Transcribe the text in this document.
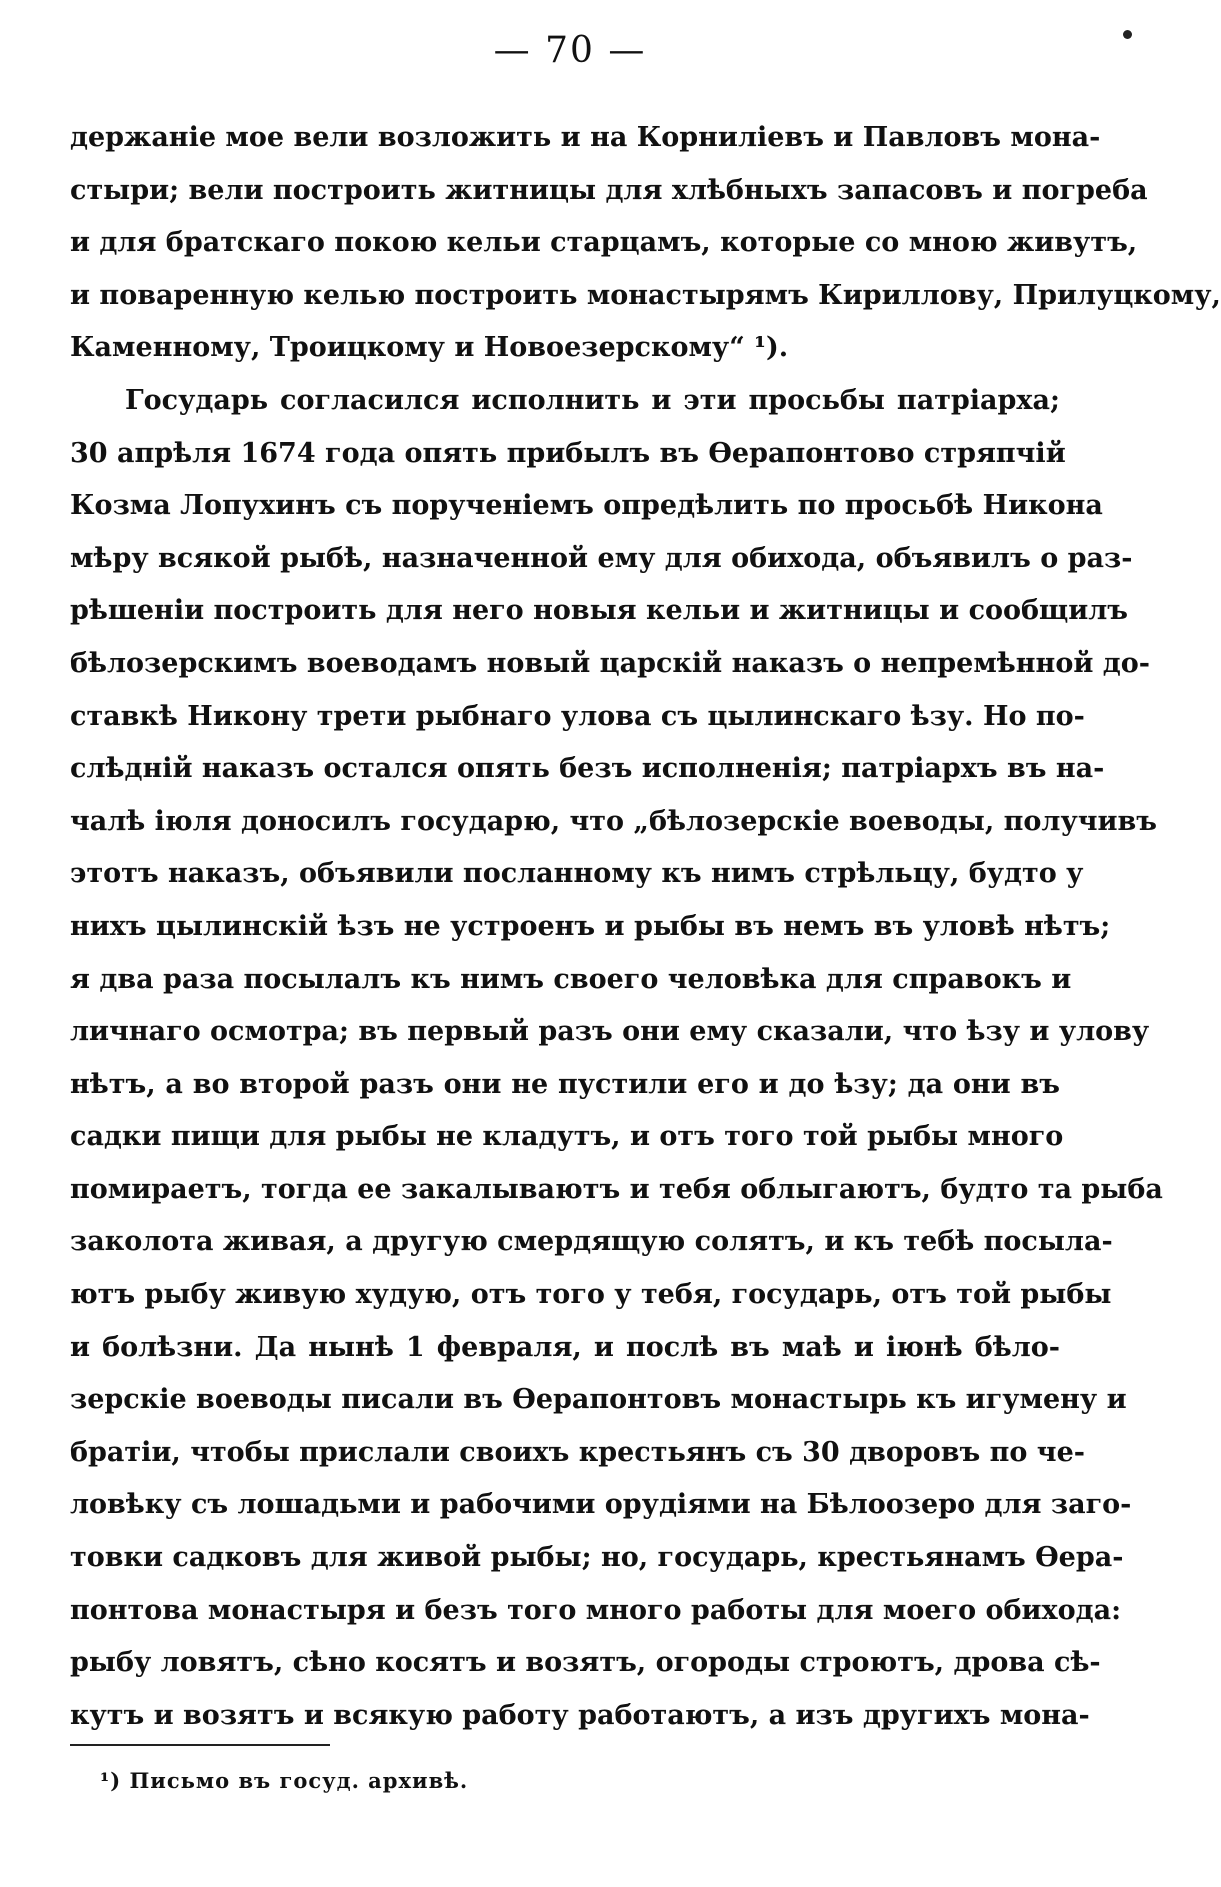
— 70 —
держаніе мое вели возложить и на Корниліевъ и Павловъ мона-
стыри; вели построить житницы для хлѣбныхъ запасовъ и погреба
и для братскаго покою кельи старцамъ, которые со мною живутъ,
и поваренную келью построить монастырямъ Кириллову, Прилуцкому,
Каменному, Троицкому и Новоезерскому“ ¹).
Государь согласился исполнить и эти просьбы патріарха;
30 апрѣля 1674 года опять прибылъ въ Ѳерапонтово стряпчій
Козма Лопухинъ съ порученіемъ опредѣлить по просьбѣ Никона
мѣру всякой рыбѣ, назначенной ему для обихода, объявилъ о раз-
рѣшеніи построить для него новыя кельи и житницы и сообщилъ
бѣлозерскимъ воеводамъ новый царскій наказъ о непремѣнной до-
ставкѣ Никону трети рыбнаго улова съ цылинскаго ѣзу. Но по-
слѣдній наказъ остался опять безъ исполненія; патріархъ въ на-
чалѣ іюля доносилъ государю, что „бѣлозерскіе воеводы, получивъ
этотъ наказъ, объявили посланному къ нимъ стрѣльцу, будто у
нихъ цылинскій ѣзъ не устроенъ и рыбы въ немъ въ уловѣ нѣтъ;
я два раза посылалъ къ нимъ своего человѣка для справокъ и
личнаго осмотра; въ первый разъ они ему сказали, что ѣзу и улову
нѣтъ, а во второй разъ они не пустили его и до ѣзу; да они въ
садки пищи для рыбы не кладутъ, и отъ того той рыбы много
помираетъ, тогда ее закалываютъ и тебя облыгаютъ, будто та рыба
заколота живая, а другую смердящую солятъ, и къ тебѣ посыла-
ютъ рыбу живую худую, отъ того у тебя, государь, отъ той рыбы
и болѣзни. Да нынѣ 1 февраля, и послѣ въ маѣ и іюнѣ бѣло-
зерскіе воеводы писали въ Ѳерапонтовъ монастырь къ игумену и
братіи, чтобы прислали своихъ крестьянъ съ 30 дворовъ по че-
ловѣку съ лошадьми и рабочими орудіями на Бѣлоозеро для заго-
товки садковъ для живой рыбы; но, государь, крестьянамъ Ѳера-
понтова монастыря и безъ того много работы для моего обихода:
рыбу ловятъ, сѣно косятъ и возятъ, огороды строютъ, дрова сѣ-
кутъ и возятъ и всякую работу работаютъ, а изъ другихъ мона-
¹) Письмо въ госуд. архивѣ.
